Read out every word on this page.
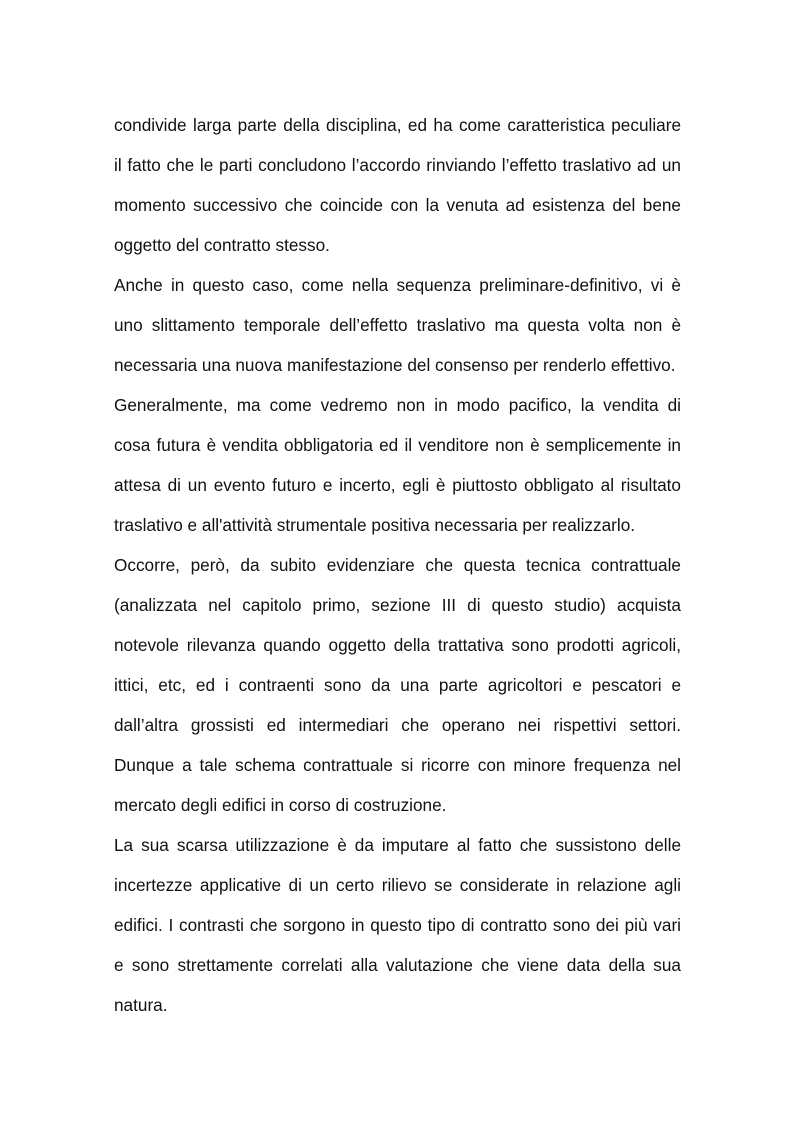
condivide larga parte della disciplina, ed ha come caratteristica peculiare
il fatto che le parti concludono l’accordo rinviando l’effetto traslativo ad un
momento successivo che coincide con la venuta ad esistenza del bene
oggetto del contratto stesso.
Anche in questo caso, come nella sequenza preliminare-definitivo, vi è
uno slittamento temporale dell’effetto traslativo ma questa volta non è
necessaria una nuova manifestazione del consenso per renderlo effettivo.
Generalmente, ma come vedremo non in modo pacifico, la vendita di
cosa futura è vendita obbligatoria ed il venditore non è semplicemente in
attesa di un evento futuro e incerto, egli è piuttosto obbligato al risultato
traslativo e all'attività strumentale positiva necessaria per realizzarlo.
Occorre, però, da subito evidenziare che questa tecnica contrattuale
(analizzata nel capitolo primo, sezione III di questo studio) acquista
notevole rilevanza quando oggetto della trattativa sono prodotti agricoli,
ittici, etc, ed i contraenti sono da una parte agricoltori e pescatori e
dall’altra grossisti ed intermediari che operano nei rispettivi settori.
Dunque a tale schema contrattuale si ricorre con minore frequenza nel
mercato degli edifici in corso di costruzione.
La sua scarsa utilizzazione è da imputare al fatto che sussistono delle
incertezze applicative di un certo rilievo se considerate in relazione agli
edifici. I contrasti che sorgono in questo tipo di contratto sono dei più vari
e sono strettamente correlati alla valutazione che viene data della sua
natura.
